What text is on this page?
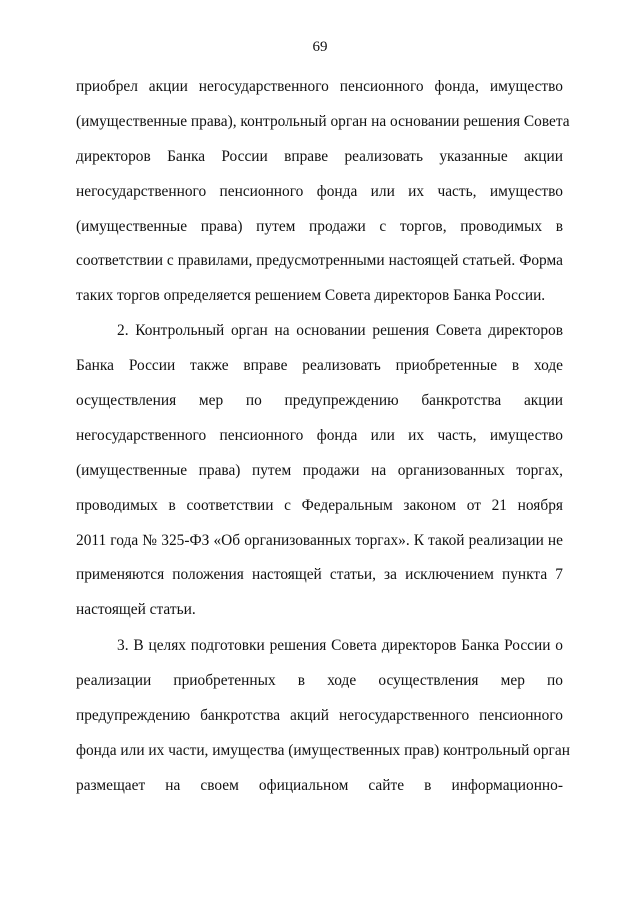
69
приобрел акции негосударственного пенсионного фонда, имущество
(имущественные права), контрольный орган на основании решения Совета
директоров Банка России вправе реализовать указанные акции
негосударственного пенсионного фонда или их часть, имущество
(имущественные права) путем продажи с торгов, проводимых в
соответствии с правилами, предусмотренными настоящей статьей. Форма
таких торгов определяется решением Совета директоров Банка России.
2. Контрольный орган на основании решения Совета директоров
Банка России также вправе реализовать приобретенные в ходе
осуществления мер по предупреждению банкротства акции
негосударственного пенсионного фонда или их часть, имущество
(имущественные права) путем продажи на организованных торгах,
проводимых в соответствии с Федеральным законом от 21 ноября
2011 года № 325-ФЗ «Об организованных торгах». К такой реализации не
применяются положения настоящей статьи, за исключением пункта 7
настоящей статьи.
3. В целях подготовки решения Совета директоров Банка России о
реализации приобретенных в ходе осуществления мер по
предупреждению банкротства акций негосударственного пенсионного
фонда или их части, имущества (имущественных прав) контрольный орган
размещает на своем официальном сайте в информационно-
